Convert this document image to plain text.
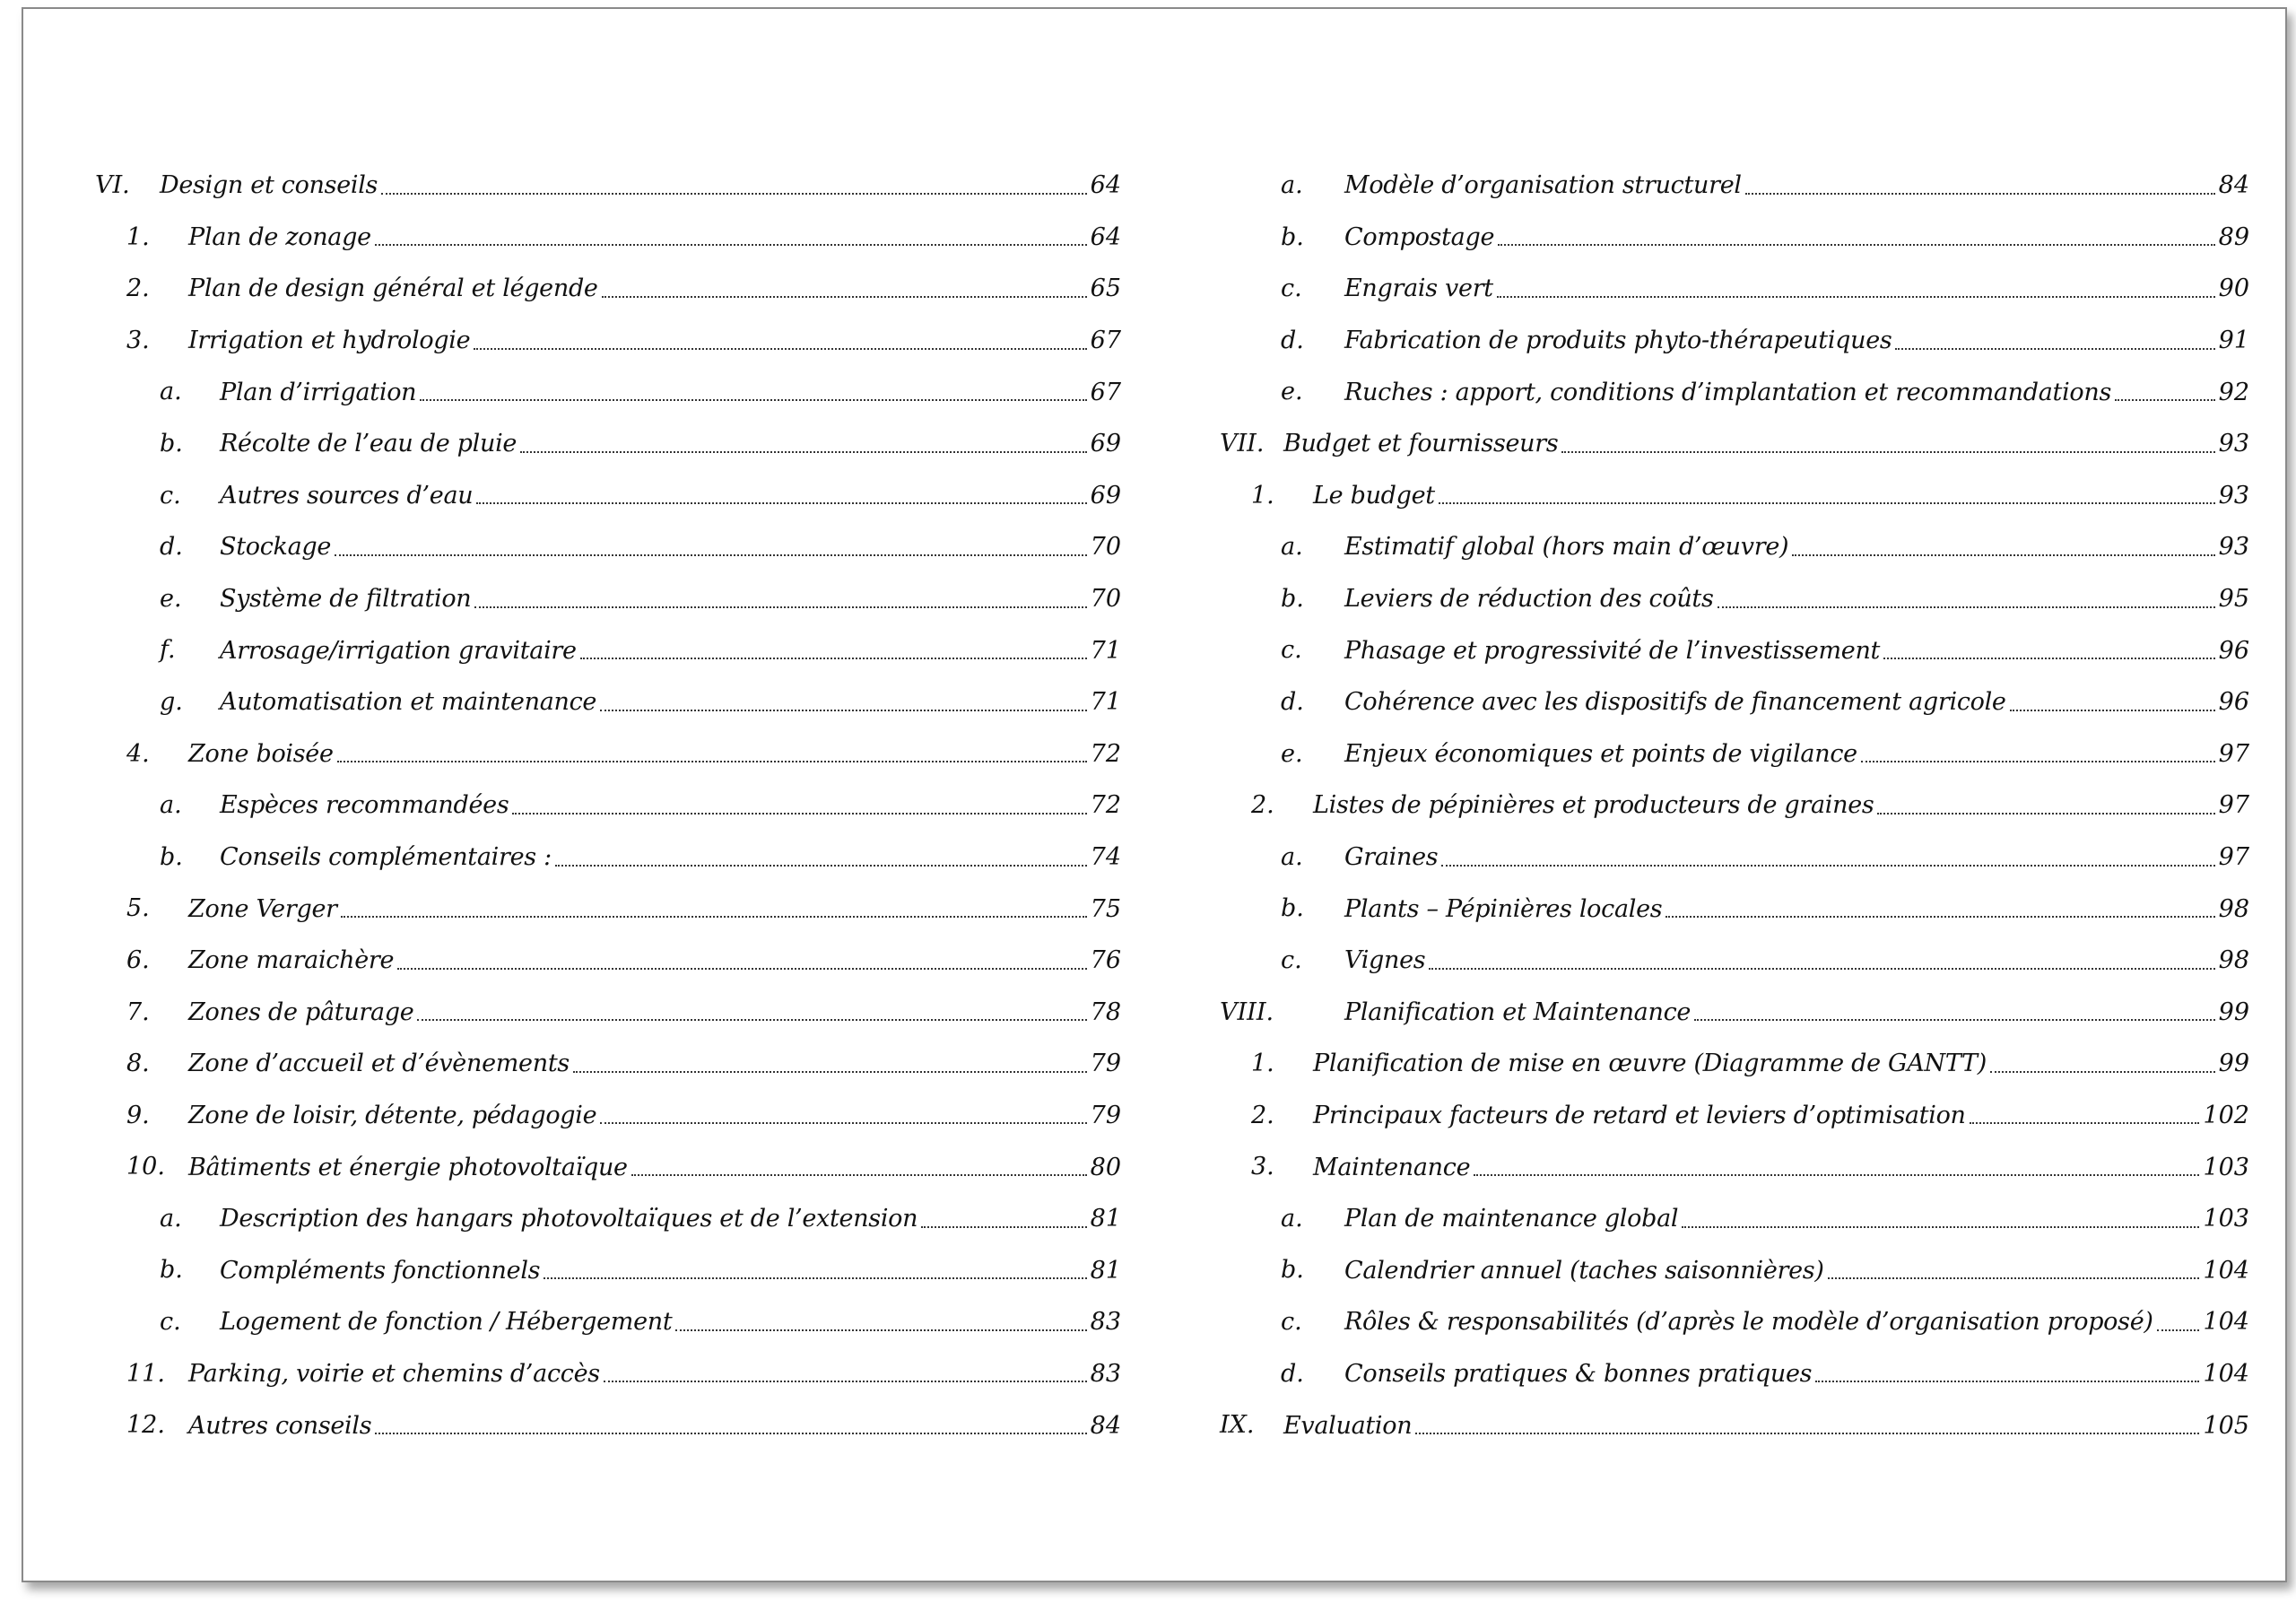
VI. Design et conseils	64
1. Plan de zonage	64
2. Plan de design général et légende	65
3. Irrigation et hydrologie	67
a. Plan d’irrigation	67
b. Récolte de l’eau de pluie	69
c. Autres sources d’eau	69
d. Stockage	70
e. Système de filtration	70
f. Arrosage/irrigation gravitaire	71
g. Automatisation et maintenance	71
4. Zone boisée	72
a. Espèces recommandées	72
b. Conseils complémentaires :	74
5. Zone Verger	75
6. Zone maraichère	76
7. Zones de pâturage	78
8. Zone d’accueil et d’évènements	79
9. Zone de loisir, détente, pédagogie	79
10. Bâtiments et énergie photovoltaïque	80
a. Description des hangars photovoltaïques et de l’extension	81
b. Compléments fonctionnels	81
c. Logement de fonction / Hébergement	83
11. Parking, voirie et chemins d’accès	83
12. Autres conseils	84
a. Modèle d’organisation structurel	84
b. Compostage	89
c. Engrais vert	90
d. Fabrication de produits phyto-thérapeutiques	91
e. Ruches : apport, conditions d’implantation et recommandations	92
VII. Budget et fournisseurs	93
1. Le budget	93
a. Estimatif global (hors main d’œuvre)	93
b. Leviers de réduction des coûts	95
c. Phasage et progressivité de l’investissement	96
d. Cohérence avec les dispositifs de financement agricole	96
e. Enjeux économiques et points de vigilance	97
2. Listes de pépinières et producteurs de graines	97
a. Graines	97
b. Plants – Pépinières locales	98
c. Vignes	98
VIII.	Planification et Maintenance	99
1. Planification de mise en œuvre (Diagramme de GANTT)	99
2. Principaux facteurs de retard et leviers d’optimisation	102
3. Maintenance	103
a. Plan de maintenance global	103
b. Calendrier annuel (taches saisonnières)	104
c. Rôles & responsabilités (d’après le modèle d’organisation proposé) 104
d. Conseils pratiques & bonnes pratiques	104
IX. Evaluation	105
